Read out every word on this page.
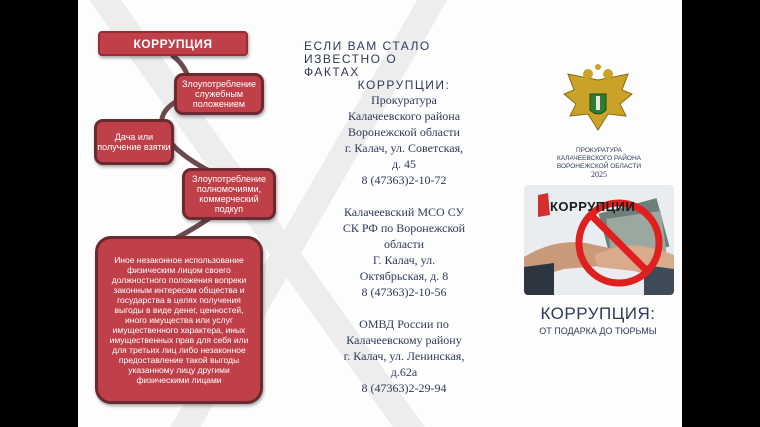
КОРРУПЦИЯ
Злоупотребление служебным положением
Дача или получение взятки
Злоупотребление полномочиями, коммерческий подкуп
Иное незаконное использование физическим лицом своего должностного положения вопреки законным интересам общества и государства в целях получения выгоды в виде денег, ценностей, иного имущества или услуг имущественного характера, иных имущественных прав для себя или для третьих лиц либо незаконное предоставление такой выгоды указанному лицу другими физическими лицами
ЕСЛИ ВАМ СТАЛО
ИЗВЕСТНО О
ФАКТАХ
КОРРУПЦИИ:
Прокуратура
Калачеевского района
Воронежской области
г. Калач, ул. Советская,
д. 45
8 (47363)2-10-72
Калачеевский МСО СУ
СК РФ по Воронежской
области
Г. Калач, ул.
Октябрьская, д. 8
8 (47363)2-10-56
ОМВД России по
Калачеевскому району
г. Калач, ул. Ленинская,
д.62а
8 (47363)2-29-94
ПРОКУРАТУРА
КАЛАЧЕЕВСКОГО РАЙОНА
ВОРОНЕЖСКОЙ ОБЛАСТИ
2025
КОРРУПЦИИ
КОРРУПЦИЯ:
ОТ ПОДАРКА ДО ТЮРЬМЫ
